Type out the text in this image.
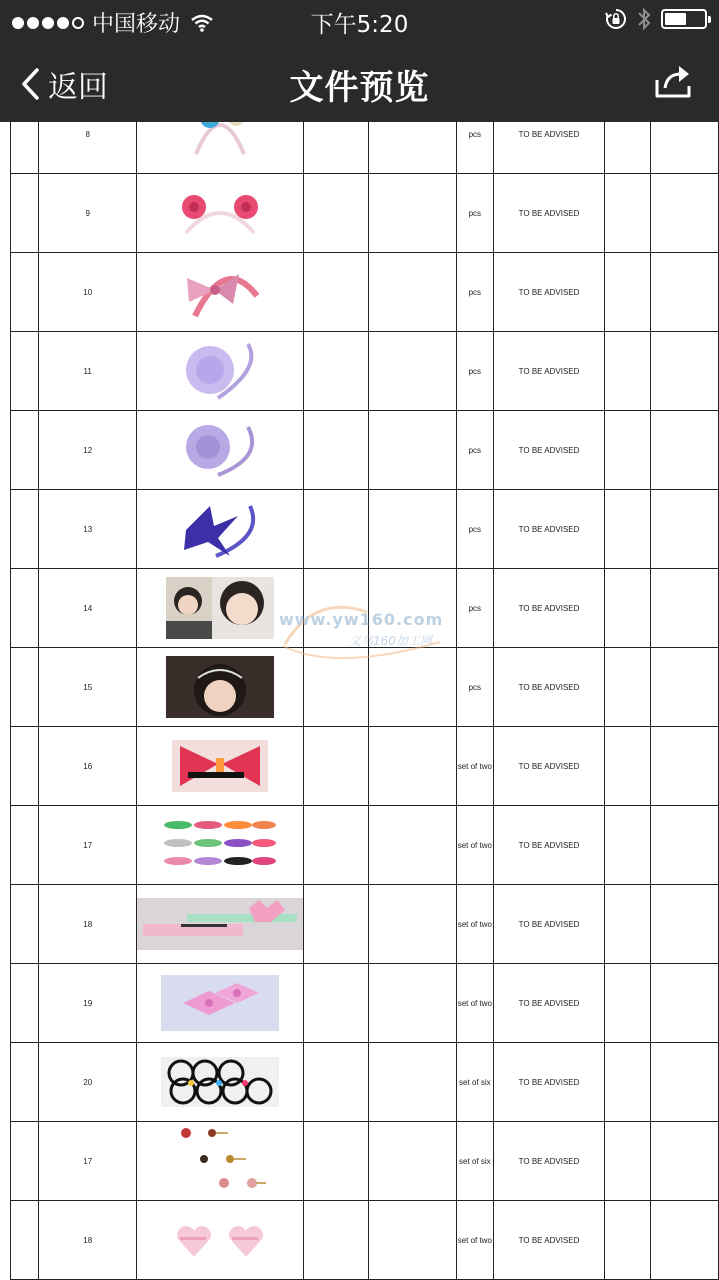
中国移动	下午5:20
返回	文件预览
	8				pcs	TO BE ADVISED		
	9				pcs	TO BE ADVISED		
	10				pcs	TO BE ADVISED		
	11				pcs	TO BE ADVISED		
	12				pcs	TO BE ADVISED		
	13				pcs	TO BE ADVISED		
	14				pcs	TO BE ADVISED		
	15				pcs	TO BE ADVISED		
	16				set of two	TO BE ADVISED		
	17				set of two	TO BE ADVISED		
	18				set of two	TO BE ADVISED		
	19				set of two	TO BE ADVISED		
	20				set of six	TO BE ADVISED		
	17				set of six	TO BE ADVISED		
	18				set of two	TO BE ADVISED		
www.yw160.com
义乌160加工网
